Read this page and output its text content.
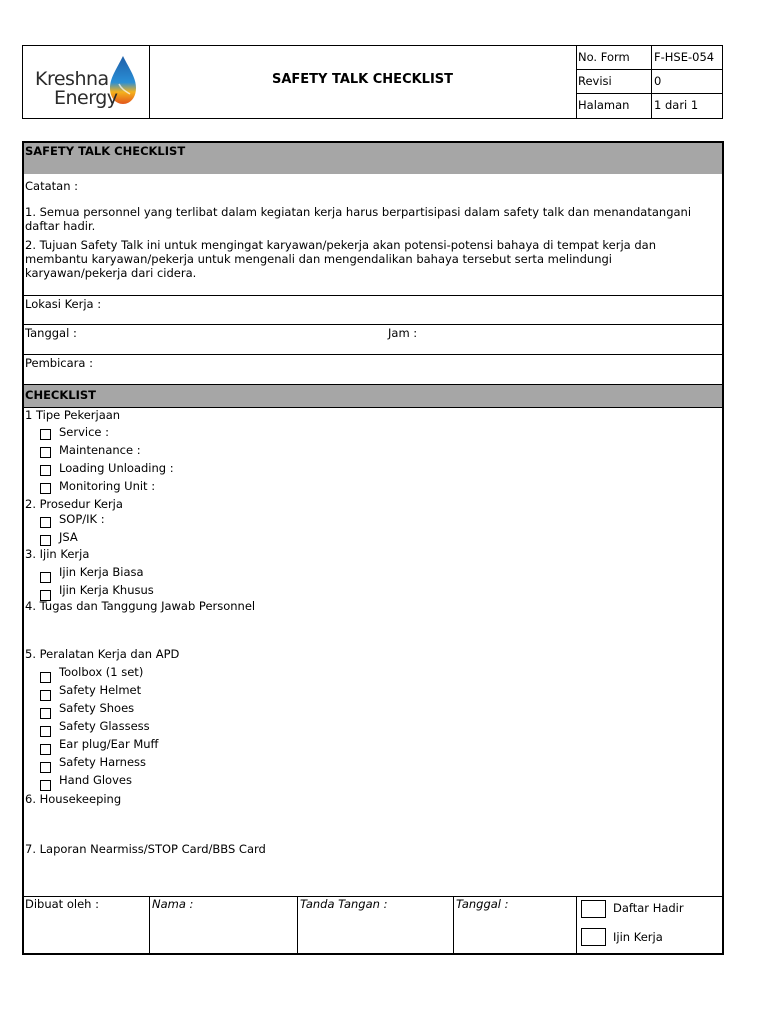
Kreshna
Energy
SAFETY TALK CHECKLIST
No. Form F-HSE-054
Revisi	0
Halaman 1 dari 1
SAFETY TALK CHECKLIST
Catatan :
1. Semua personnel yang terlibat dalam kegiatan kerja harus berpartisipasi dalam safety talk dan menandatangani daftar hadir.
2. Tujuan Safety Talk ini untuk mengingat karyawan/pekerja akan potensi-potensi bahaya di tempat kerja dan membantu karyawan/pekerja untuk mengenali dan mengendalikan bahaya tersebut serta melindungi karyawan/pekerja dari cidera.
Lokasi Kerja :
Tanggal :	Jam :
Pembicara :
CHECKLIST
1 Tipe Pekerjaan
Service :
Maintenance :
Loading Unloading :
Monitoring Unit :
2. Prosedur Kerja
SOP/IK :
JSA
3. Ijin Kerja
Ijin Kerja Biasa
Ijin Kerja Khusus
4. Tugas dan Tanggung Jawab Personnel
5. Peralatan Kerja dan APD
Toolbox (1 set)
Safety Helmet
Safety Shoes
Safety Glassess
Ear plug/Ear Muff
Safety Harness
Hand Gloves
6. Housekeeping
7. Laporan Nearmiss/STOP Card/BBS Card
Dibuat oleh :	Nama :	Tanda Tangan :	Tanggal :	Daftar Hadir
Ijin Kerja
